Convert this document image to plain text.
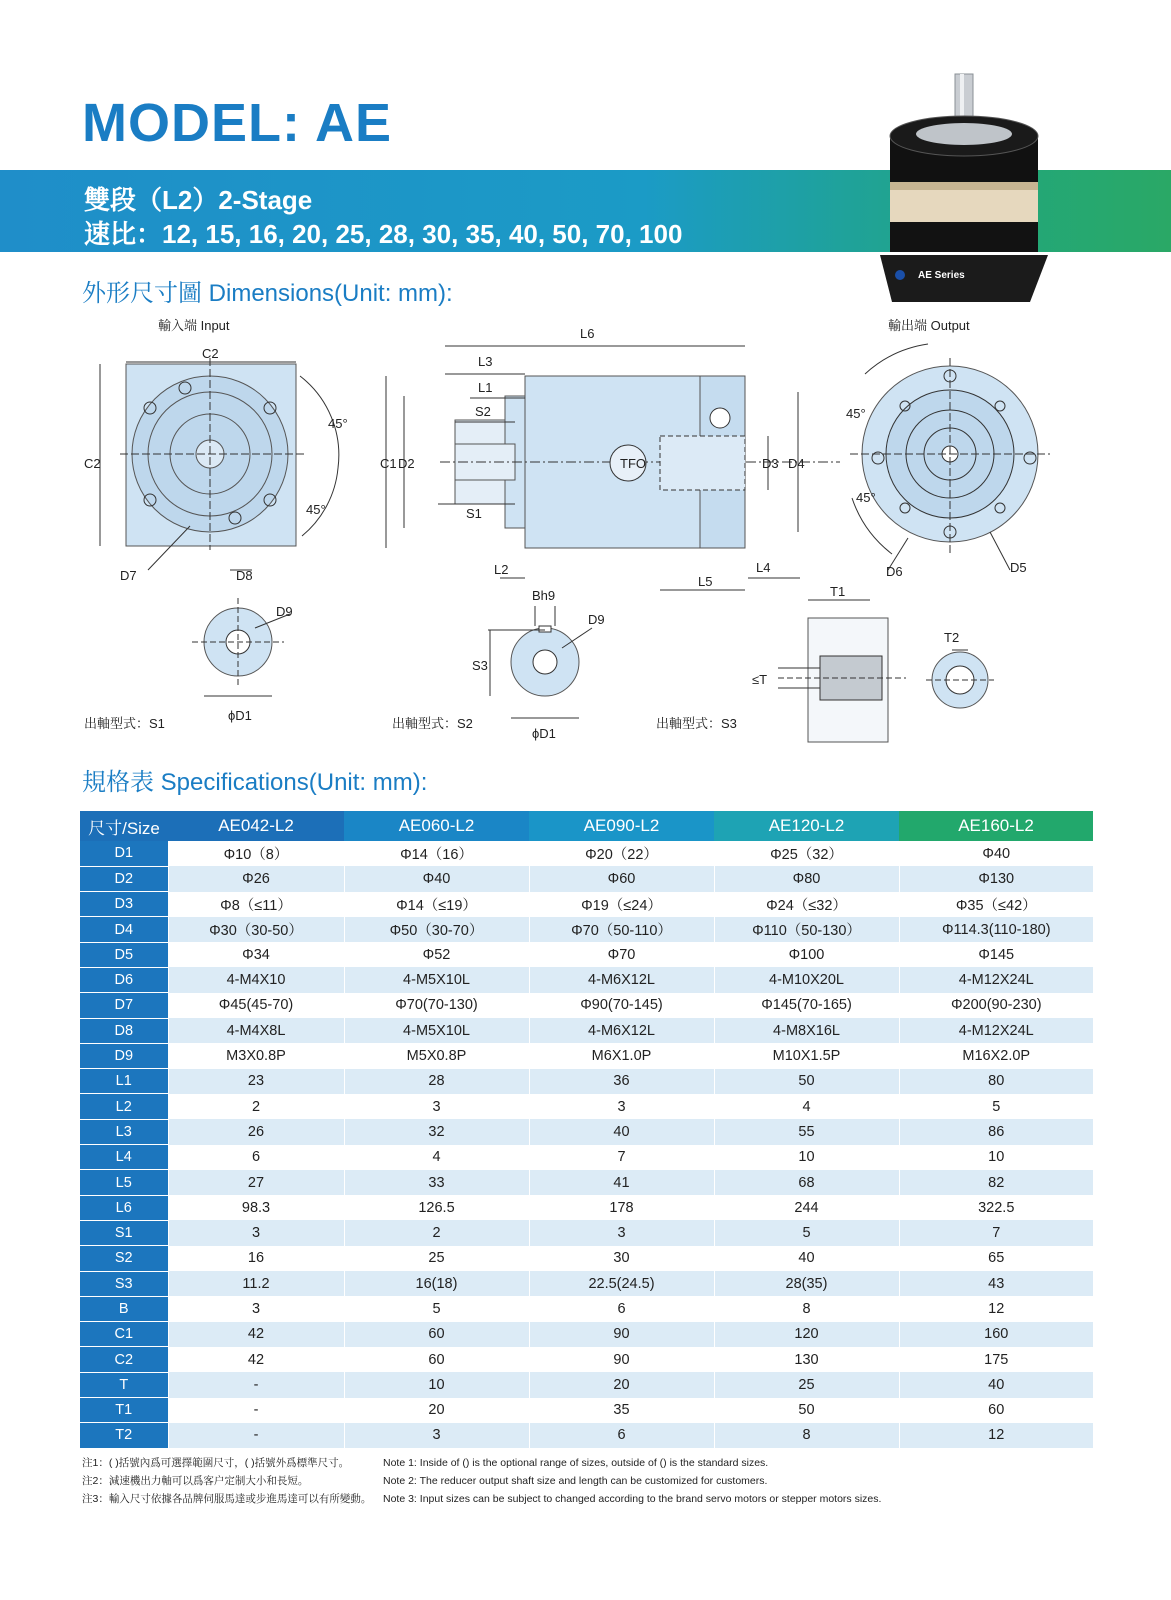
MODEL: AE
雙段（L2）2-Stage
速比：12, 15, 16, 20, 25, 28, 30, 35, 40, 50, 70, 100
AE Series
外形尺寸圖 Dimensions(Unit: mm):
輸入端 Input	輸出端 Output
C2
C2
45°
45°
D7	D8
L6
L3
L1
S2
S1
C1 D2	D3 D4
TFO
L2
L5
L4
45°
45°
D6	D5
D9
ϕD1
Bh9
D9
S3
ϕD1
T1
T2
≤T
出軸型式：S1	出軸型式：S2	出軸型式：S3
規格表 Specifications(Unit: mm):
尺寸/Size	AE042-L2	AE060-L2	AE090-L2	AE120-L2	AE160-L2
D1	Φ10（8）	Φ14（16）	Φ20（22）	Φ25（32）	Φ40
D2	Φ26	Φ40	Φ60	Φ80	Φ130
D3	Φ8（≤11）	Φ14（≤19）	Φ19（≤24）	Φ24（≤32）	Φ35（≤42）
D4	Φ30（30-50）	Φ50（30-70）	Φ70（50-110）	Φ110（50-130）	Φ114.3(110-180)
D5	Φ34	Φ52	Φ70	Φ100	Φ145
D6	4-M4X10	4-M5X10L	4-M6X12L	4-M10X20L	4-M12X24L
D7	Φ45(45-70)	Φ70(70-130)	Φ90(70-145)	Φ145(70-165)	Φ200(90-230)
D8	4-M4X8L	4-M5X10L	4-M6X12L	4-M8X16L	4-M12X24L
D9	M3X0.8P	M5X0.8P	M6X1.0P	M10X1.5P	M16X2.0P
L1	23	28	36	50	80
L2	2	3	3	4	5
L3	26	32	40	55	86
L4	6	4	7	10	10
L5	27	33	41	68	82
L6	98.3	126.5	178	244	322.5
S1	3	2	3	5	7
S2	16	25	30	40	65
S3	11.2	16(18)	22.5(24.5)	28(35)	43
B	3	5	6	8	12
C1	42	60	90	120	160
C2	42	60	90	130	175
T	-	10	20	25	40
T1	-	20	35	50	60
T2	-	3	6	8	12
注1：( )括號內爲可選擇範圍尺寸，( )括號外爲標準尺寸。
注2：減速機出力軸可以爲客户定制大小和長短。
注3：輸入尺寸依據各品牌伺服馬達或步進馬達可以有所變動。
Note 1: Inside of () is the optional range of sizes, outside of () is the standard sizes.
Note 2: The reducer output shaft size and length can be customized for customers.
Note 3: Input sizes can be subject to changed according to the brand servo motors or stepper motors sizes.
